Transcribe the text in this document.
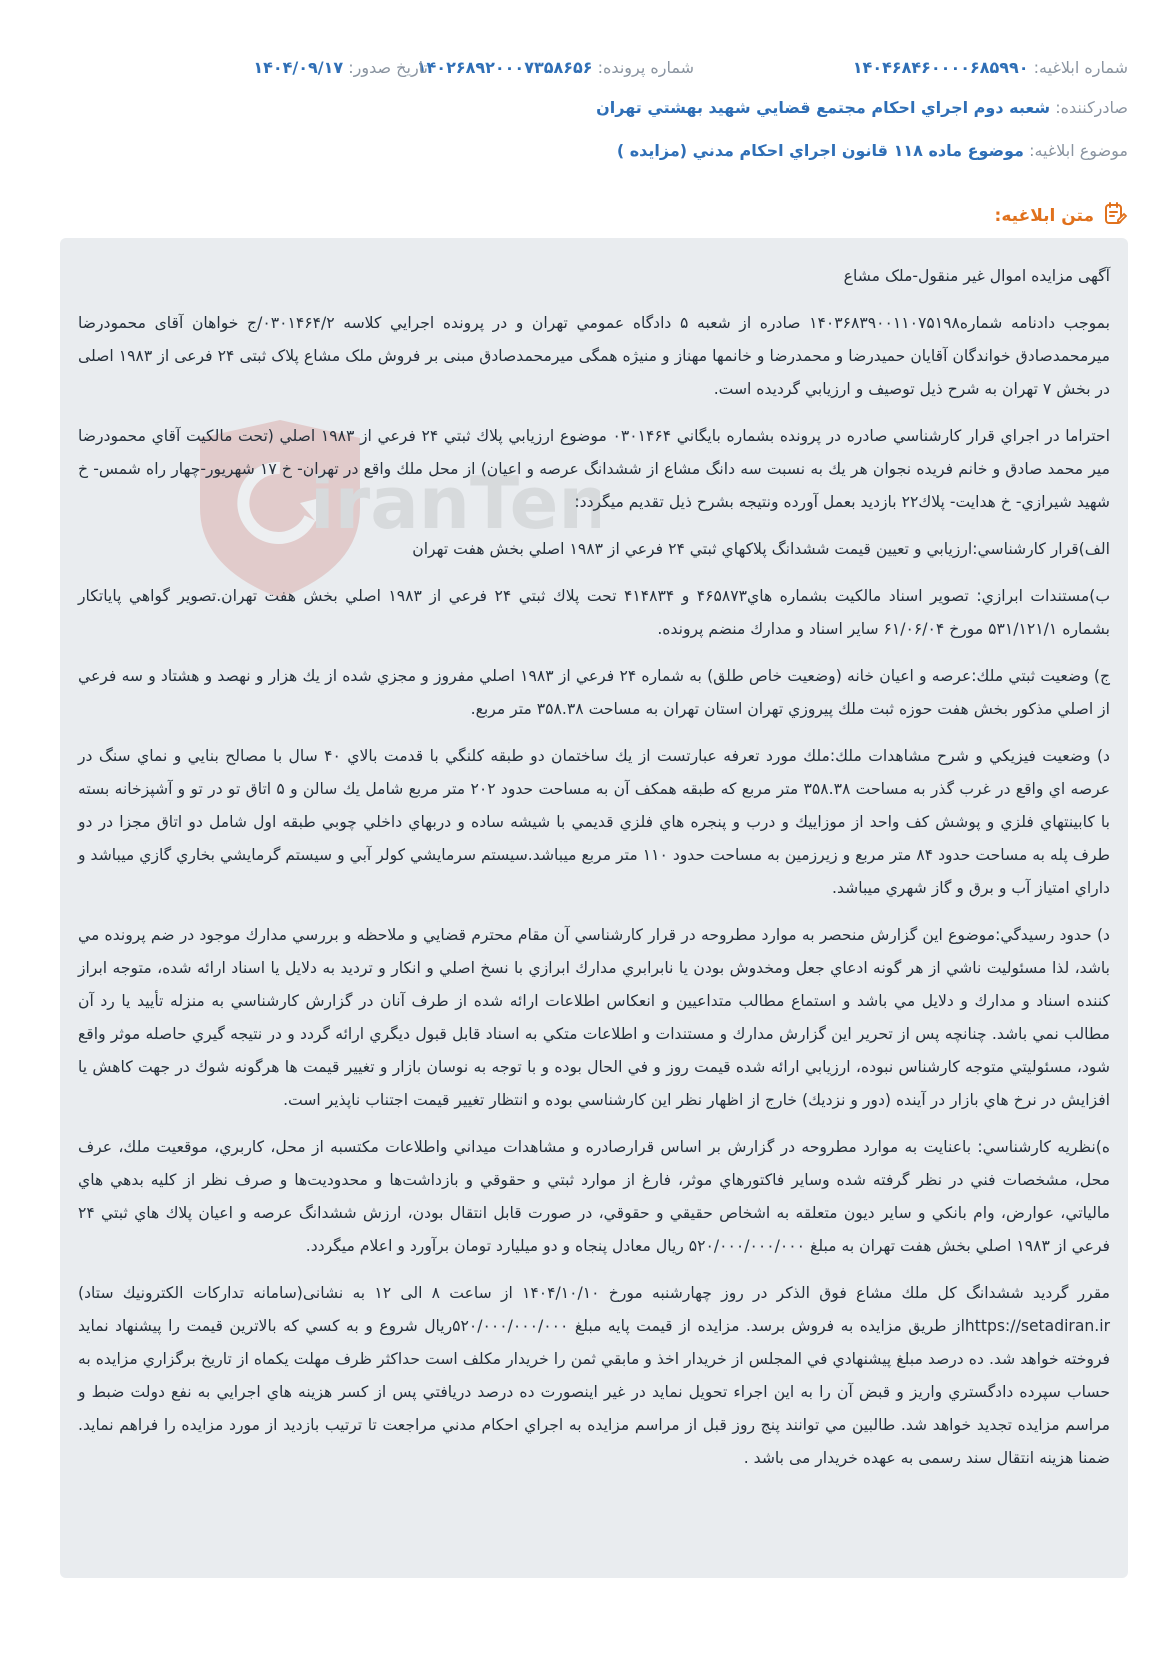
شماره ابلاغيه: ۱۴۰۴۶۸۴۶۰۰۰۰۶۸۵۹۹۰
شماره پرونده: ۱۴۰۲۶۸۹۲۰۰۰۷۳۵۸۶۵۶
تاريخ صدور: ۱۴۰۴/۰۹/۱۷
صادرکننده: شعبه دوم اجراي احكام مجتمع قضايي شهيد بهشتي تهران
موضوع ابلاغيه: موضوع ماده ۱۱۸ قانون اجراي احكام مدني (مزايده )
متن ابلاغيه:
iranTen

آگهی مزایده اموال غیر منقول-ملک مشاع

بموجب دادنامه شماره۱۴۰۳۶۸۳۹۰۰۱۱۰۷۵۱۹۸ صادره از شعبه ۵ دادگاه عمومي تهران و در پرونده اجرايي كلاسه ۰۳۰۱۴۶۴/۲/ج خواهان آقای محمودرضا میرمحمدصادق خواندگان آقایان حمیدرضا و محمدرضا و خانمها مهناز و منیژه همگی میرمحمدصادق مبنی بر فروش ملک مشاع پلاک ثبتی ۲۴ فرعی از ۱۹۸۳ اصلی در بخش ۷ تهران به شرح ذیل توصیف و ارزیابي گرديده است.

احتراما در اجراي قرار كارشناسي صادره در پرونده بشماره بايگاني ۰۳۰۱۴۶۴ موضوع ارزيابي پلاك ثبتي ۲۴ فرعي از ۱۹۸۳ اصلي (تحت مالكيت آقاي محمودرضا مير محمد صادق و خانم فريده نجوان هر يك به نسبت سه دانگ مشاع از ششدانگ عرصه و اعيان) از محل ملك واقع در تهران- خ ۱۷ شهريور-چهار راه شمس- خ شهيد شيرازي- خ هدايت- پلاك۲۲ بازديد بعمل آورده ونتيجه بشرح ذيل تقديم ميگردد:

الف)قرار كارشناسي:ارزيابي و تعيين قيمت ششدانگ پلاكهاي ثبتي ۲۴ فرعي از ۱۹۸۳ اصلي بخش هفت تهران

ب)مستندات ابرازي: تصوير اسناد مالكيت بشماره هاي۴۶۵۸۷۳ و ۴۱۴۸۳۴ تحت پلاك ثبتي ۲۴ فرعي از ۱۹۸۳ اصلي بخش هفت تهران.تصوير گواهي پاياتكار بشماره ۵۳۱/۱۲۱/۱ مورخ ۶۱/۰۶/۰۴ ساير اسناد و مدارك منضم پرونده.

ج) وضعيت ثبتي ملك:عرصه و اعيان خانه (وضعيت خاص طلق) به شماره ۲۴ فرعي از ۱۹۸۳ اصلي مفروز و مجزي شده از يك هزار و نهصد و هشتاد و سه فرعي از اصلي مذكور بخش هفت حوزه ثبت ملك پيروزي تهران استان تهران به مساحت ۳۵۸.۳۸ متر مربع.

د) وضعيت فيزيكي و شرح مشاهدات ملك:ملك مورد تعرفه عبارتست از يك ساختمان دو طبقه كلنگي با قدمت بالاي ۴۰ سال با مصالح بنايي و نماي سنگ در عرصه اي واقع در غرب گذر به مساحت ۳۵۸.۳۸ متر مربع كه طبقه همكف آن به مساحت حدود ۲۰۲ متر مربع شامل يك سالن و ۵ اتاق تو در تو و آشپزخانه بسته با كابينتهاي فلزي و پوشش كف واحد از موزاييك و درب و پنجره هاي فلزي قديمي با شيشه ساده و دربهاي داخلي چوبي طبقه اول شامل دو اتاق مجزا در دو طرف پله به مساحت حدود ۸۴ متر مربع و زيرزمين به مساحت حدود ۱۱۰ متر مربع ميباشد.سيستم سرمايشي كولر آبي و سيستم گرمايشي بخاري گازي ميباشد و داراي امتياز آب و برق و گاز شهري ميباشد.

د) حدود رسيدگي:موضوع اين گزارش منحصر به موارد مطروحه در قرار كارشناسي آن مقام محترم قضايي و ملاحظه و بررسي مدارك موجود در ضم پرونده مي باشد، لذا مسئوليت ناشي از هر گونه ادعاي جعل ومخدوش بودن يا نابرابري مدارك ابرازي با نسخ اصلي و انكار و ترديد به دلايل يا اسناد ارائه شده، متوجه ابراز كننده اسناد و مدارك و دلايل مي باشد و استماع مطالب متداعيين و انعكاس اطلاعات ارائه شده از طرف آنان در گزارش كارشناسي به منزله تأييد يا رد آن مطالب نمي باشد. چنانچه پس از تحرير اين گزارش مدارك و مستندات و اطلاعات متكي به اسناد قابل قبول ديگري ارائه گردد و در نتيجه گيري حاصله موثر واقع شود، مسئوليتي متوجه كارشناس نبوده، ارزيابي ارائه شده قيمت روز و في الحال بوده و با توجه به نوسان بازار و تغيير قيمت ها هرگونه شوك در جهت كاهش يا افزايش در نرخ هاي بازار در آينده (دور و نزديك) خارج از اظهار نظر اين كارشناسي بوده و انتظار تغيير قيمت اجتناب ناپذير است.

ه)نظريه كارشناسي: باعنايت به موارد مطروحه در گزارش بر اساس قرارصادره و مشاهدات ميداني واطلاعات مكتسبه از محل، كاربري، موقعيت ملك، عرف محل، مشخصات فني در نظر گرفته شده وساير فاكتورهاي موثر، فارغ از موارد ثبتي و حقوقي و بازداشت‌ها و محدوديت‌ها و صرف نظر از كليه بدهي هاي مالياتي، عوارض، وام بانكي و ساير ديون متعلقه به اشخاص حقيقي و حقوقي، در صورت قابل انتقال بودن، ارزش ششدانگ عرصه و اعيان پلاك هاي ثبتي ۲۴ فرعي از ۱۹۸۳ اصلي بخش هفت تهران به مبلغ ۵۲۰/۰۰۰/۰۰۰/۰۰۰ ريال معادل پنجاه و دو ميليارد تومان برآورد و اعلام ميگردد.

مقرر گرديد ششدانگ كل ملك مشاع فوق الذكر در روز چهارشنبه مورخ ۱۴۰۴/۱۰/۱۰ از ساعت ۸ الی ۱۲ به نشانی(سامانه تداركات الكترونيك ستاد) https://setadiran.irاز طريق مزايده به فروش برسد. مزايده از قيمت پايه مبلغ ۵۲۰/۰۰۰/۰۰۰/۰۰۰ريال شروع و به كسي كه بالاترين قيمت را پيشنهاد نمايد فروخته خواهد شد. ده درصد مبلغ پيشنهادي في المجلس از خريدار اخذ و مابقي ثمن را خريدار مكلف است حداكثر ظرف مهلت يكماه از تاريخ برگزاري مزايده به حساب سپرده دادگستري واريز و قبض آن را به اين اجراء تحويل نمايد در غير اينصورت ده درصد دريافتي پس از كسر هزينه هاي اجرايي به نفع دولت ضبط و مراسم مزايده تجديد خواهد شد. طالبين مي توانند پنج روز قبل از مراسم مزايده به اجراي احكام مدني مراجعت تا ترتيب بازديد از مورد مزايده را فراهم نمايد. ضمنا هزينه انتقال سند رسمی به عهده خریدار می باشد .
